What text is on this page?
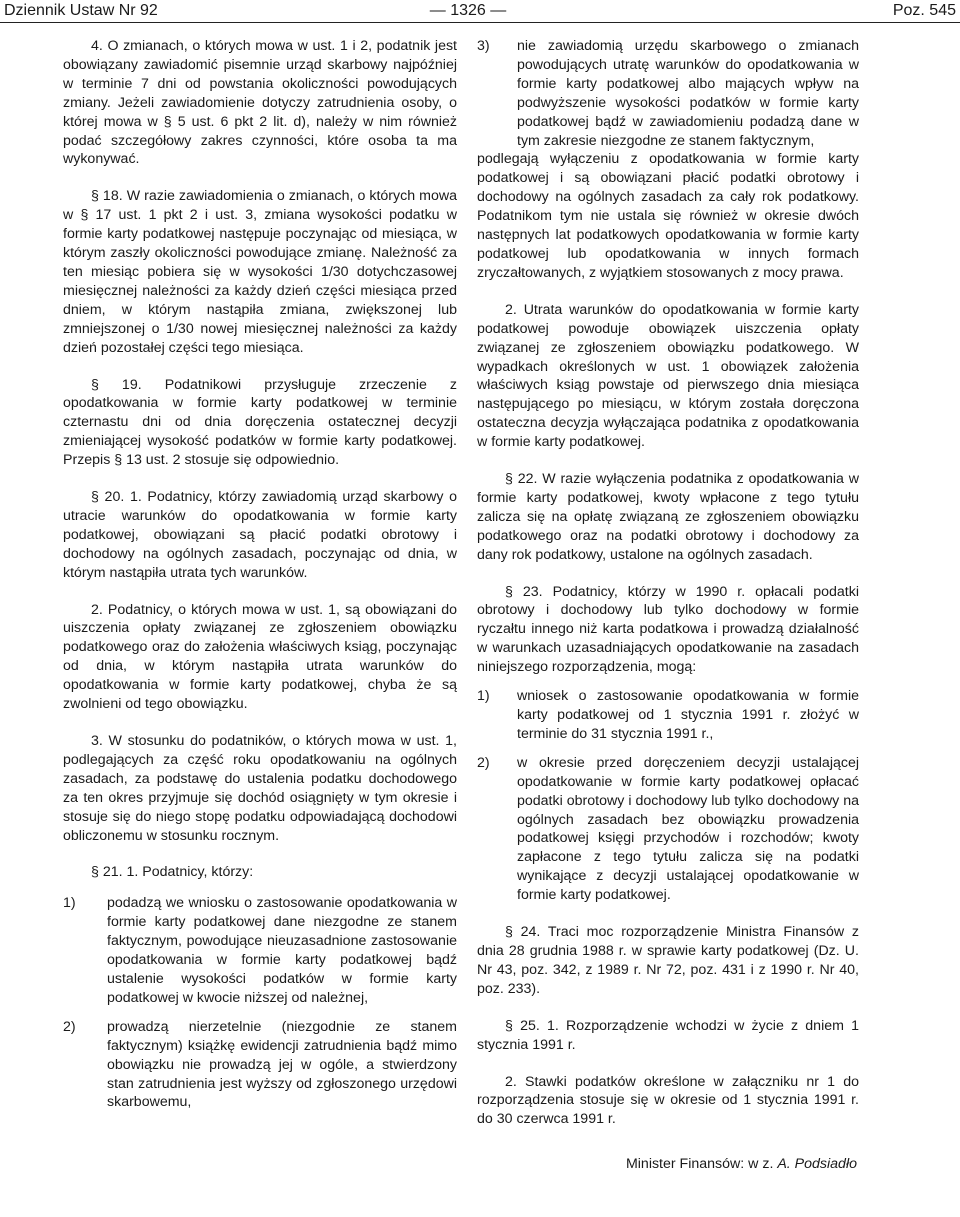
Dziennik Ustaw Nr 92	— 1326 —	Poz. 545

4. O zmianach, o których mowa w ust. 1 i 2, podatnik jest obowiązany zawiadomić pisemnie urząd skarbowy najpóźniej w terminie 7 dni od powstania okoliczności powodujących zmiany. Jeżeli zawiadomienie dotyczy zatrudnienia osoby, o której mowa w § 5 ust. 6 pkt 2 lit. d), należy w nim również podać szczegółowy zakres czynności, które osoba ta ma wykonywać.

§ 18. W razie zawiadomienia o zmianach, o których mowa w § 17 ust. 1 pkt 2 i ust. 3, zmiana wysokości podatku w formie karty podatkowej następuje poczynając od miesiąca, w którym zaszły okoliczności powodujące zmianę. Należność za ten miesiąc pobiera się w wysokości 1/30 dotychczasowej miesięcznej należności za każdy dzień części miesiąca przed dniem, w którym nastąpiła zmiana, zwiększonej lub zmniejszonej o 1/30 nowej miesięcznej należności za każdy dzień pozostałej części tego miesiąca.

§ 19. Podatnikowi przysługuje zrzeczenie z opodatkowania w formie karty podatkowej w terminie czternastu dni od dnia doręczenia ostatecznej decyzji zmieniającej wysokość podatków w formie karty podatkowej. Przepis § 13 ust. 2 stosuje się odpowiednio.

§ 20. 1. Podatnicy, którzy zawiadomią urząd skarbowy o utracie warunków do opodatkowania w formie karty podatkowej, obowiązani są płacić podatki obrotowy i dochodowy na ogólnych zasadach, poczynając od dnia, w którym nastąpiła utrata tych warunków.

2. Podatnicy, o których mowa w ust. 1, są obowiązani do uiszczenia opłaty związanej ze zgłoszeniem obowiązku podatkowego oraz do założenia właściwych ksiąg, poczynając od dnia, w którym nastąpiła utrata warunków do opodatkowania w formie karty podatkowej, chyba że są zwolnieni od tego obowiązku.

3. W stosunku do podatników, o których mowa w ust. 1, podlegających za część roku opodatkowaniu na ogólnych zasadach, za podstawę do ustalenia podatku dochodowego za ten okres przyjmuje się dochód osiągnięty w tym okresie i stosuje się do niego stopę podatku odpowiadającą dochodowi obliczonemu w stosunku rocznym.

§ 21. 1. Podatnicy, którzy:

1) podadzą we wniosku o zastosowanie opodatkowania w formie karty podatkowej dane niezgodne ze stanem faktycznym, powodujące nieuzasadnione zastosowanie opodatkowania w formie karty podatkowej bądź ustalenie wysokości podatków w formie karty podatkowej w kwocie niższej od należnej,

2) prowadzą nierzetelnie (niezgodnie ze stanem faktycznym) książkę ewidencji zatrudnienia bądź mimo obowiązku nie prowadzą jej w ogóle, a stwierdzony stan zatrudnienia jest wyższy od zgłoszonego urzędowi skarbowemu,

3) nie zawiadomią urzędu skarbowego o zmianach powodujących utratę warunków do opodatkowania w formie karty podatkowej albo mających wpływ na podwyższenie wysokości podatków w formie karty podatkowej bądź w zawiadomieniu podadzą dane w tym zakresie niezgodne ze stanem faktycznym,

podlegają wyłączeniu z opodatkowania w formie karty podatkowej i są obowiązani płacić podatki obrotowy i dochodowy na ogólnych zasadach za cały rok podatkowy. Podatnikom tym nie ustala się również w okresie dwóch następnych lat podatkowych opodatkowania w formie karty podatkowej lub opodatkowania w innych formach zryczałtowanych, z wyjątkiem stosowanych z mocy prawa.

2. Utrata warunków do opodatkowania w formie karty podatkowej powoduje obowiązek uiszczenia opłaty związanej ze zgłoszeniem obowiązku podatkowego. W wypadkach określonych w ust. 1 obowiązek założenia właściwych ksiąg powstaje od pierwszego dnia miesiąca następującego po miesiącu, w którym została doręczona ostateczna decyzja wyłączająca podatnika z opodatkowania w formie karty podatkowej.

§ 22. W razie wyłączenia podatnika z opodatkowania w formie karty podatkowej, kwoty wpłacone z tego tytułu zalicza się na opłatę związaną ze zgłoszeniem obowiązku podatkowego oraz na podatki obrotowy i dochodowy za dany rok podatkowy, ustalone na ogólnych zasadach.

§ 23. Podatnicy, którzy w 1990 r. opłacali podatki obrotowy i dochodowy lub tylko dochodowy w formie ryczałtu innego niż karta podatkowa i prowadzą działalność w warunkach uzasadniających opodatkowanie na zasadach niniejszego rozporządzenia, mogą:

1) wniosek o zastosowanie opodatkowania w formie karty podatkowej od 1 stycznia 1991 r. złożyć w terminie do 31 stycznia 1991 r.,

2) w okresie przed doręczeniem decyzji ustalającej opodatkowanie w formie karty podatkowej opłacać podatki obrotowy i dochodowy lub tylko dochodowy na ogólnych zasadach bez obowiązku prowadzenia podatkowej księgi przychodów i rozchodów; kwoty zapłacone z tego tytułu zalicza się na podatki wynikające z decyzji ustalającej opodatkowanie w formie karty podatkowej.

§ 24. Traci moc rozporządzenie Ministra Finansów z dnia 28 grudnia 1988 r. w sprawie karty podatkowej (Dz. U. Nr 43, poz. 342, z 1989 r. Nr 72, poz. 431 i z 1990 r. Nr 40, poz. 233).

§ 25. 1. Rozporządzenie wchodzi w życie z dniem 1 stycznia 1991 r.

2. Stawki podatków określone w załączniku nr 1 do rozporządzenia stosuje się w okresie od 1 stycznia 1991 r. do 30 czerwca 1991 r.

Minister Finansów: w z. A. Podsiadło
